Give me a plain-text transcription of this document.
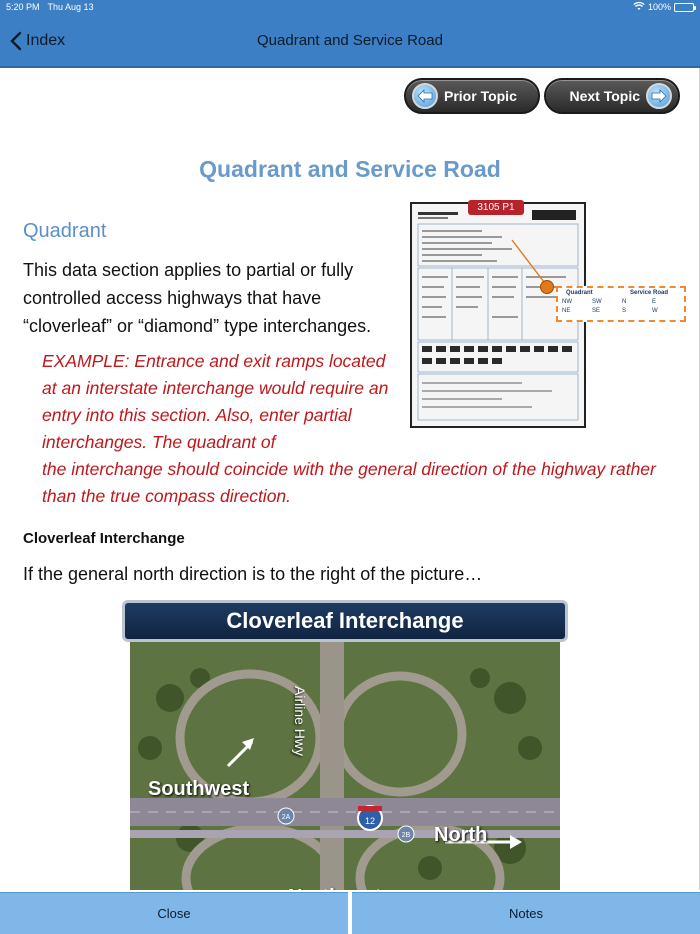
5:20 PM Thu Aug 13	100%
Index	Quadrant and Service Road
Prior Topic	Next Topic
Quadrant and Service Road
Quadrant
This data section applies to partial or fully controlled access highways that have “cloverleaf” or “diamond” type interchanges.
EXAMPLE: Entrance and exit ramps located at an interstate interchange would require an entry into this section. Also, enter partial interchanges. The quadrant of
the interchange should coincide with the general direction of the highway rather than the true compass direction.
3105 P1
Quadrant	Service Road
NW	SW	N	E
NE	SE	S	W
Cloverleaf Interchange
If the general north direction is to the right of the picture…
12
2A
2B
Southwest
North
Airline Hwy
Cloverleaf Interchange
Close	Notes
